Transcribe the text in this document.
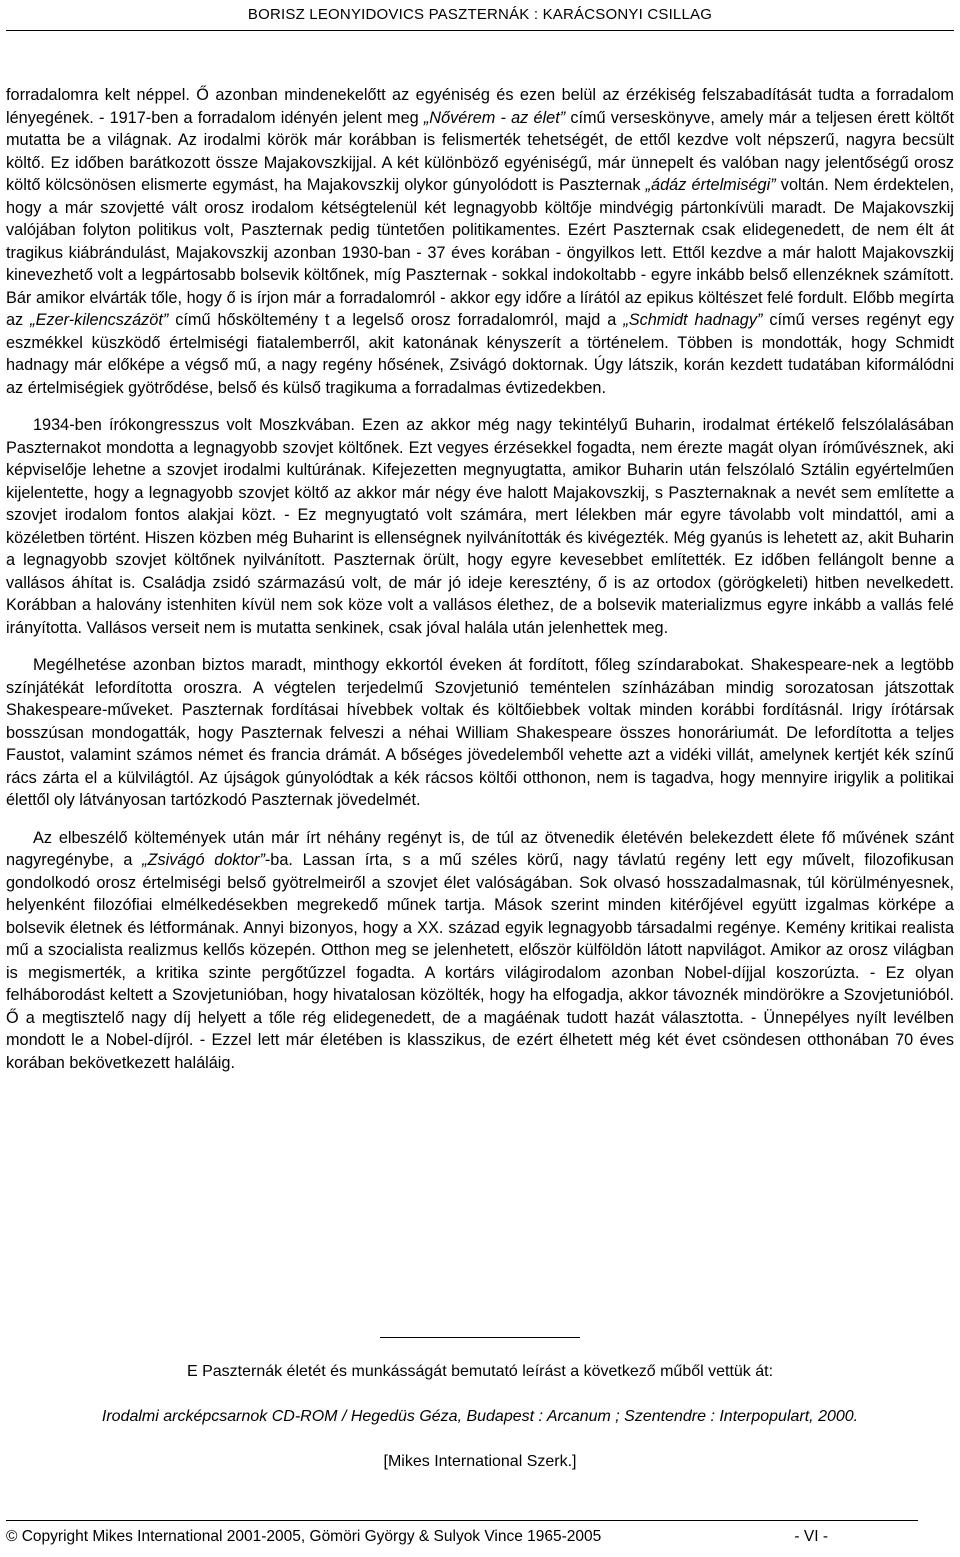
BORISZ LEONYIDOVICS PASZTERNÁK : KARÁCSONYI CSILLAG

forradalomra kelt néppel. Ő azonban mindenekelőtt az egyéniség és ezen belül az érzékiség felszabadítását tudta a forradalom lényegének. - 1917-ben a forradalom idényén jelent meg „Nővérem - az élet” című verseskönyve, amely már a teljesen érett költőt mutatta be a világnak. Az irodalmi körök már korábban is felismerték tehetségét, de ettől kezdve volt népszerű, nagyra becsült költő. Ez időben barátkozott össze Majakovszkijjal. A két különböző egyéniségű, már ünnepelt és valóban nagy jelentőségű orosz költő kölcsönösen elismerte egymást, ha Majakovszkij olykor gúnyolódott is Paszternak „ádáz értelmiségi” voltán. Nem érdektelen, hogy a már szovjetté vált orosz irodalom kétségtelenül két legnagyobb költője mindvégig pártonkívüli maradt. De Majakovszkij valójában folyton politikus volt, Paszternak pedig tüntetően politikamentes. Ezért Paszternak csak elidegenedett, de nem élt át tragikus kiábrándulást, Majakovszkij azonban 1930-ban - 37 éves korában - öngyilkos lett. Ettől kezdve a már halott Majakovszkij kinevezhető volt a legpártosabb bolsevik költőnek, míg Paszternak - sokkal indokoltabb - egyre inkább belső ellenzéknek számított. Bár amikor elvárták tőle, hogy ő is írjon már a forradalomról - akkor egy időre a lírától az epikus költészet felé fordult. Előbb megírta az „Ezer-kilencszázöt” című hősköltemény t a legelső orosz forradalomról, majd a „Schmidt hadnagy” című verses regényt egy eszmékkel küszködő értelmiségi fiatalemberről, akit katonának kényszerít a történelem. Többen is mondották, hogy Schmidt hadnagy már előképe a végső mű, a nagy regény hősének, Zsivágó doktornak. Úgy látszik, korán kezdett tudatában kiformálódni az értelmiségiek gyötrődése, belső és külső tragikuma a forradalmas évtizedekben.

1934-ben írókongresszus volt Moszkvában. Ezen az akkor még nagy tekintélyű Buharin, irodalmat értékelő felszólalásában Paszternakot mondotta a legnagyobb szovjet költőnek. Ezt vegyes érzésekkel fogadta, nem érezte magát olyan íróművésznek, aki képviselője lehetne a szovjet irodalmi kultúrának. Kifejezetten megnyugtatta, amikor Buharin után felszólaló Sztálin egyértelműen kijelentette, hogy a legnagyobb szovjet költő az akkor már négy éve halott Majakovszkij, s Paszternaknak a nevét sem említette a szovjet irodalom fontos alakjai közt. - Ez megnyugtató volt számára, mert lélekben már egyre távolabb volt mindattól, ami a közéletben történt. Hiszen közben még Buharint is ellenségnek nyilvánították és kivégezték. Még gyanús is lehetett az, akit Buharin a legnagyobb szovjet költőnek nyilvánított. Paszternak örült, hogy egyre kevesebbet említették. Ez időben fellángolt benne a vallásos áhítat is. Családja zsidó származású volt, de már jó ideje keresztény, ő is az ortodox (görögkeleti) hitben nevelkedett. Korábban a halovány istenhiten kívül nem sok köze volt a vallásos élethez, de a bolsevik materializmus egyre inkább a vallás felé irányította. Vallásos verseit nem is mutatta senkinek, csak jóval halála után jelenhettek meg.

Megélhetése azonban biztos maradt, minthogy ekkortól éveken át fordított, főleg színdarabokat. Shakespeare-nek a legtöbb színjátékát lefordította oroszra. A végtelen terjedelmű Szovjetunió teméntelen színházában mindig sorozatosan játszottak Shakespeare-műveket. Paszternak fordításai hívebbek voltak és költőiebbek voltak minden korábbi fordításnál. Irigy írótársak bosszúsan mondogatták, hogy Paszternak felveszi a néhai William Shakespeare összes honoráriumát. De lefordította a teljes Faustot, valamint számos német és francia drámát. A bőséges jövedelemből vehette azt a vidéki villát, amelynek kertjét kék színű rács zárta el a külvilágtól. Az újságok gúnyolódtak a kék rácsos költői otthonon, nem is tagadva, hogy mennyire irigylik a politikai élettől oly látványosan tartózkodó Paszternak jövedelmét.

Az elbeszélő költemények után már írt néhány regényt is, de túl az ötvenedik életévén belekezdett élete fő művének szánt nagyregénybe, a „Zsivágó doktor”-ba. Lassan írta, s a mű széles körű, nagy távlatú regény lett egy művelt, filozofikusan gondolkodó orosz értelmiségi belső gyötrelmeiről a szovjet élet valóságában. Sok olvasó hosszadalmasnak, túl körülményesnek, helyenként filozófiai elmélkedésekben megrekedő műnek tartja. Mások szerint minden kitérőjével együtt izgalmas körképe a bolsevik életnek és létformának. Annyi bizonyos, hogy a XX. század egyik legnagyobb társadalmi regénye. Kemény kritikai realista mű a szocialista realizmus kellős közepén. Otthon meg se jelenhetett, először külföldön látott napvilágot. Amikor az orosz világban is megismerték, a kritika szinte pergőtűzzel fogadta. A kortárs világirodalom azonban Nobel-díjjal koszorúzta. - Ez olyan felháborodást keltett a Szovjetunióban, hogy hivatalosan közölték, hogy ha elfogadja, akkor távoznék mindörökre a Szovjetunióból. Ő a megtisztelő nagy díj helyett a tőle rég elidegenedett, de a magáénak tudott hazát választotta. - Ünnepélyes nyílt levélben mondott le a Nobel-díjról. - Ezzel lett már életében is klasszikus, de ezért élhetett még két évet csöndesen otthonában 70 éves korában bekövetkezett haláláig.

E Paszternák életét és munkásságát bemutató leírást a következő műből vettük át:
Irodalmi arcképcsarnok CD-ROM / Hegedüs Géza, Budapest : Arcanum ; Szentendre : Interpopulart, 2000.
[Mikes International Szerk.]
© Copyright Mikes International 2001-2005, Gömöri György & Sulyok Vince 1965-2005	- VI -
